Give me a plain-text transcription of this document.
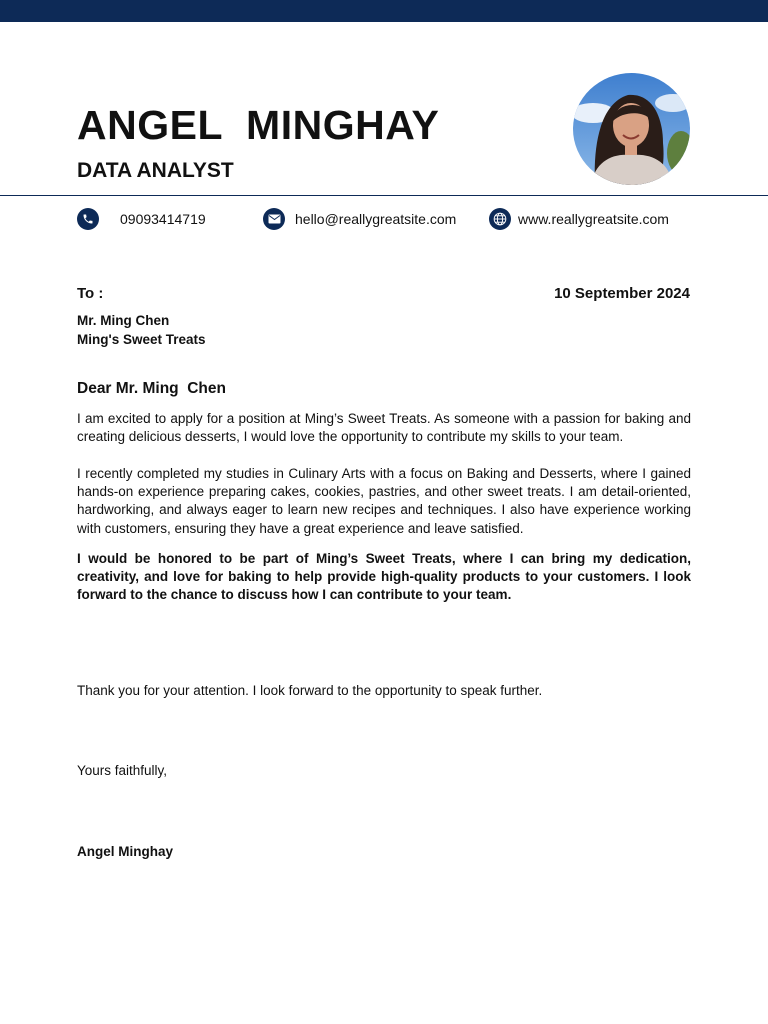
ANGEL  MINGHAY
DATA ANALYST
09093414719	hello@reallygreatsite.com	www.reallygreatsite.com

To :	10 September 2024

Mr. Ming Chen
Ming's Sweet Treats

Dear Mr. Ming  Chen

I am excited to apply for a position at Ming’s Sweet Treats. As someone with a passion for baking and creating delicious desserts, I would love the opportunity to contribute my skills to your team.

I recently completed my studies in Culinary Arts with a focus on Baking and Desserts, where I gained hands-on experience preparing cakes, cookies, pastries, and other sweet treats. I am detail-oriented, hardworking, and always eager to learn new recipes and techniques. I also have experience working with customers, ensuring they have a great experience and leave satisfied.

I would be honored to be part of Ming’s Sweet Treats, where I can bring my dedication, creativity, and love for baking to help provide high-quality products to your customers. I look forward to the chance to discuss how I can contribute to your team.

Thank you for your attention. I look forward to the opportunity to speak further.

Yours faithfully,

Angel Minghay
